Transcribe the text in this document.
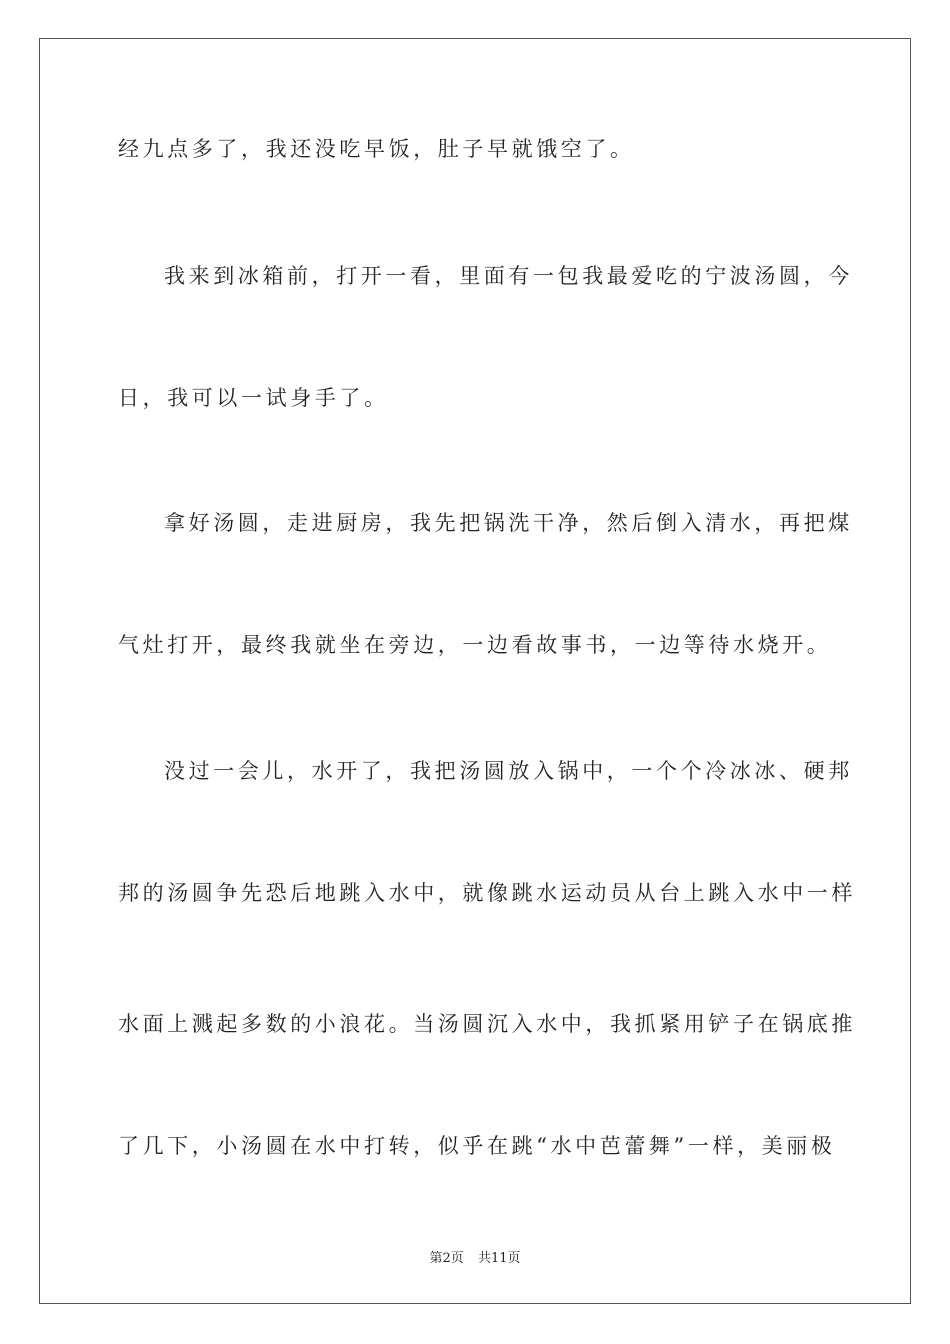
经九点多了，我还没吃早饭，肚子早就饿空了。
我来到冰箱前，打开一看，里面有一包我最爱吃的宁波汤圆，今
日，我可以一试身手了。
拿好汤圆，走进厨房，我先把锅洗干净，然后倒入清水，再把煤
气灶打开，最终我就坐在旁边，一边看故事书，一边等待水烧开。
没过一会儿，水开了，我把汤圆放入锅中，一个个冷冰冰、硬邦
邦的汤圆争先恐后地跳入水中，就像跳水运动员从台上跳入水中一样
水面上溅起多数的小浪花。当汤圆沉入水中，我抓紧用铲子在锅底推
了几下，小汤圆在水中打转，似乎在跳“水中芭蕾舞”一样，美丽极
第2页 共11页
